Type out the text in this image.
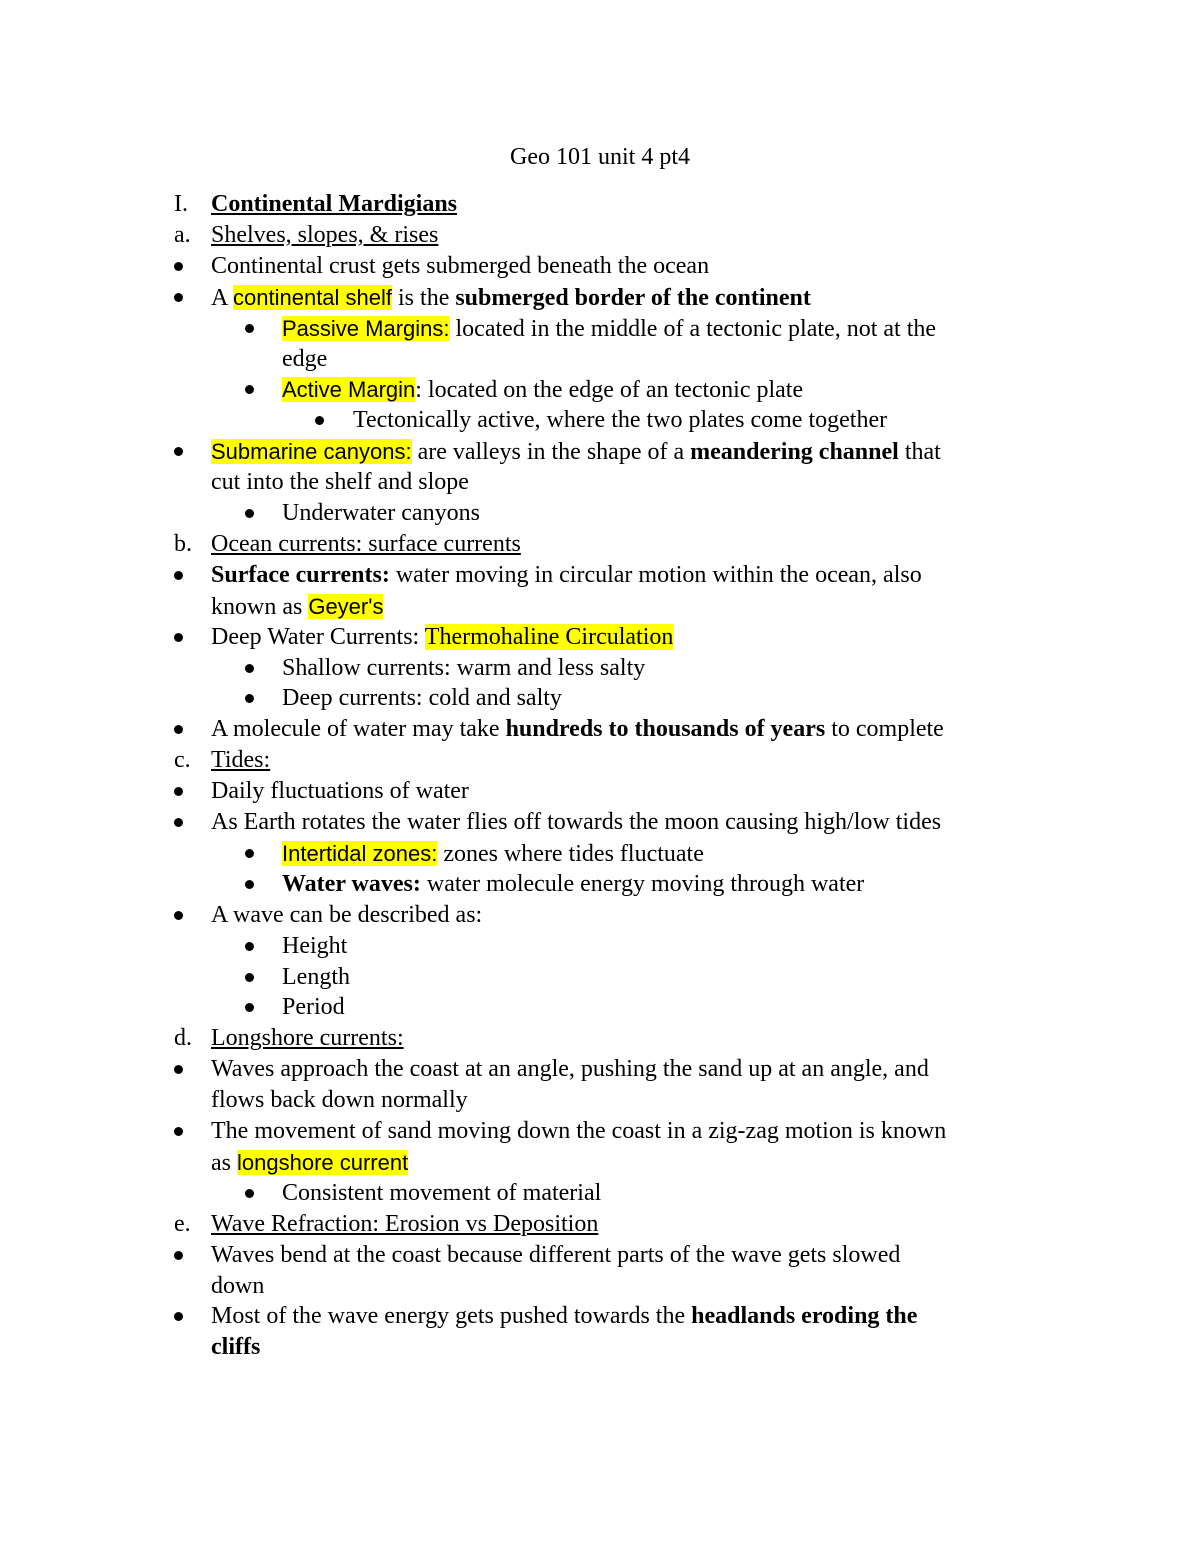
Geo 101 unit 4 pt4
I. Continental Mardigians
a. Shelves, slopes, & rises
Continental crust gets submerged beneath the ocean
A continental shelf is the submerged border of the continent
Passive Margins: located in the middle of a tectonic plate, not at the
edge
Active Margin: located on the edge of an tectonic plate
Tectonically active, where the two plates come together
Submarine canyons: are valleys in the shape of a meandering channel that
cut into the shelf and slope
Underwater canyons
b. Ocean currents: surface currents
Surface currents: water moving in circular motion within the ocean, also
known as Geyer's
Deep Water Currents: Thermohaline Circulation
Shallow currents: warm and less salty
Deep currents: cold and salty
A molecule of water may take hundreds to thousands of years to complete
c. Tides:
Daily fluctuations of water
As Earth rotates the water flies off towards the moon causing high/low tides
Intertidal zones: zones where tides fluctuate
Water waves: water molecule energy moving through water
A wave can be described as:
Height
Length
Period
d. Longshore currents:
Waves approach the coast at an angle, pushing the sand up at an angle, and
flows back down normally
The movement of sand moving down the coast in a zig-zag motion is known
as longshore current
Consistent movement of material
e. Wave Refraction: Erosion vs Deposition
Waves bend at the coast because different parts of the wave gets slowed
down
Most of the wave energy gets pushed towards the headlands eroding the
cliffs
